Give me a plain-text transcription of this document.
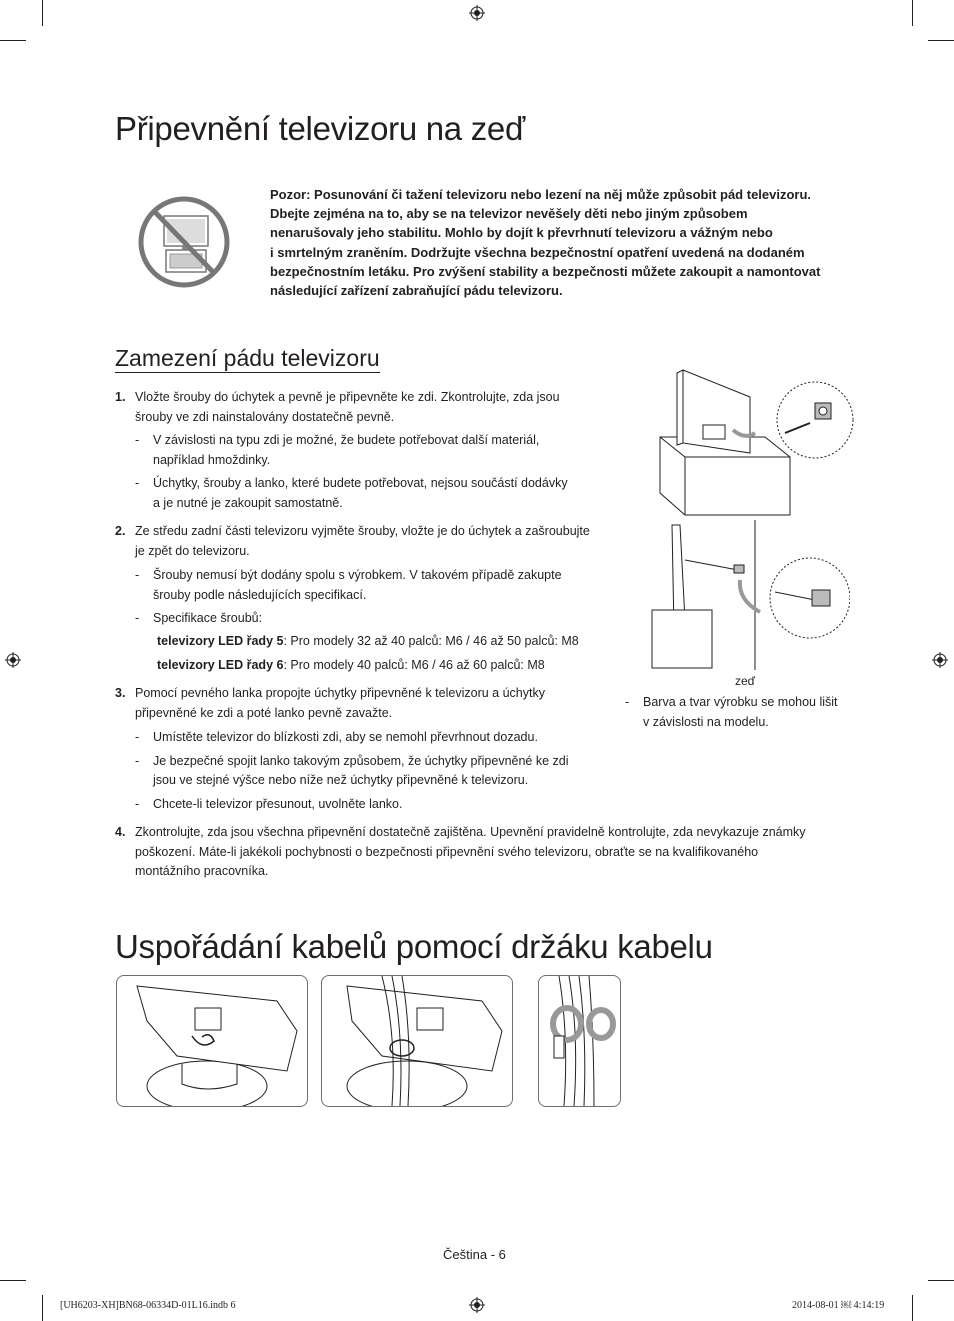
Připevnění televizoru na zeď
Pozor: Posunování či tažení televizoru nebo lezení na něj může způsobit pád televizoru.
Dbejte zejména na to, aby se na televizor nevěšely děti nebo jiným způsobem
nenarušovaly jeho stabilitu. Mohlo by dojít k převrhnutí televizoru a vážným nebo
i smrtelným zraněním. Dodržujte všechna bezpečnostní opatření uvedená na dodaném
bezpečnostním letáku. Pro zvýšení stability a bezpečnosti můžete zakoupit a namontovat
následující zařízení zabraňující pádu televizoru.
Zamezení pádu televizoru
1. Vložte šrouby do úchytek a pevně je připevněte ke zdi. Zkontrolujte, zda jsou
šrouby ve zdi nainstalovány dostatečně pevně.
- V závislosti na typu zdi je možné, že budete potřebovat další materiál,
například hmoždinky.
- Úchytky, šrouby a lanko, které budete potřebovat, nejsou součástí dodávky
a je nutné je zakoupit samostatně.
2. Ze středu zadní části televizoru vyjměte šrouby, vložte je do úchytek a zašroubujte
je zpět do televizoru.
- Šrouby nemusí být dodány spolu s výrobkem. V takovém případě zakupte
šrouby podle následujících specifikací.
- Specifikace šroubů:
televizory LED řady 5: Pro modely 32 až 40 palců: M6 / 46 až 50 palců: M8
televizory LED řady 6: Pro modely 40 palců: M6 / 46 až 60 palců: M8
3. Pomocí pevného lanka propojte úchytky připevněné k televizoru a úchytky
připevněné ke zdi a poté lanko pevně zavažte.
- Umístěte televizor do blízkosti zdi, aby se nemohl převrhnout dozadu.
- Je bezpečné spojit lanko takovým způsobem, že úchytky připevněné ke zdi
jsou ve stejné výšce nebo níže než úchytky připevněné k televizoru.
- Chcete-li televizor přesunout, uvolněte lanko.
4. Zkontrolujte, zda jsou všechna připevnění dostatečně zajištěna. Upevnění pravidelně kontrolujte, zda nevykazuje známky
poškození. Máte-li jakékoli pochybnosti o bezpečnosti připevnění svého televizoru, obraťte se na kvalifikovaného
montážního pracovníka.
zeď
- Barva a tvar výrobku se mohou lišit
v závislosti na modelu.
Uspořádání kabelů pomocí držáku kabelu
Čeština - 6
[UH6203-XH]BN68-06334D-01L16.indb 6	2014-08-01 ￼ 4:14:19
